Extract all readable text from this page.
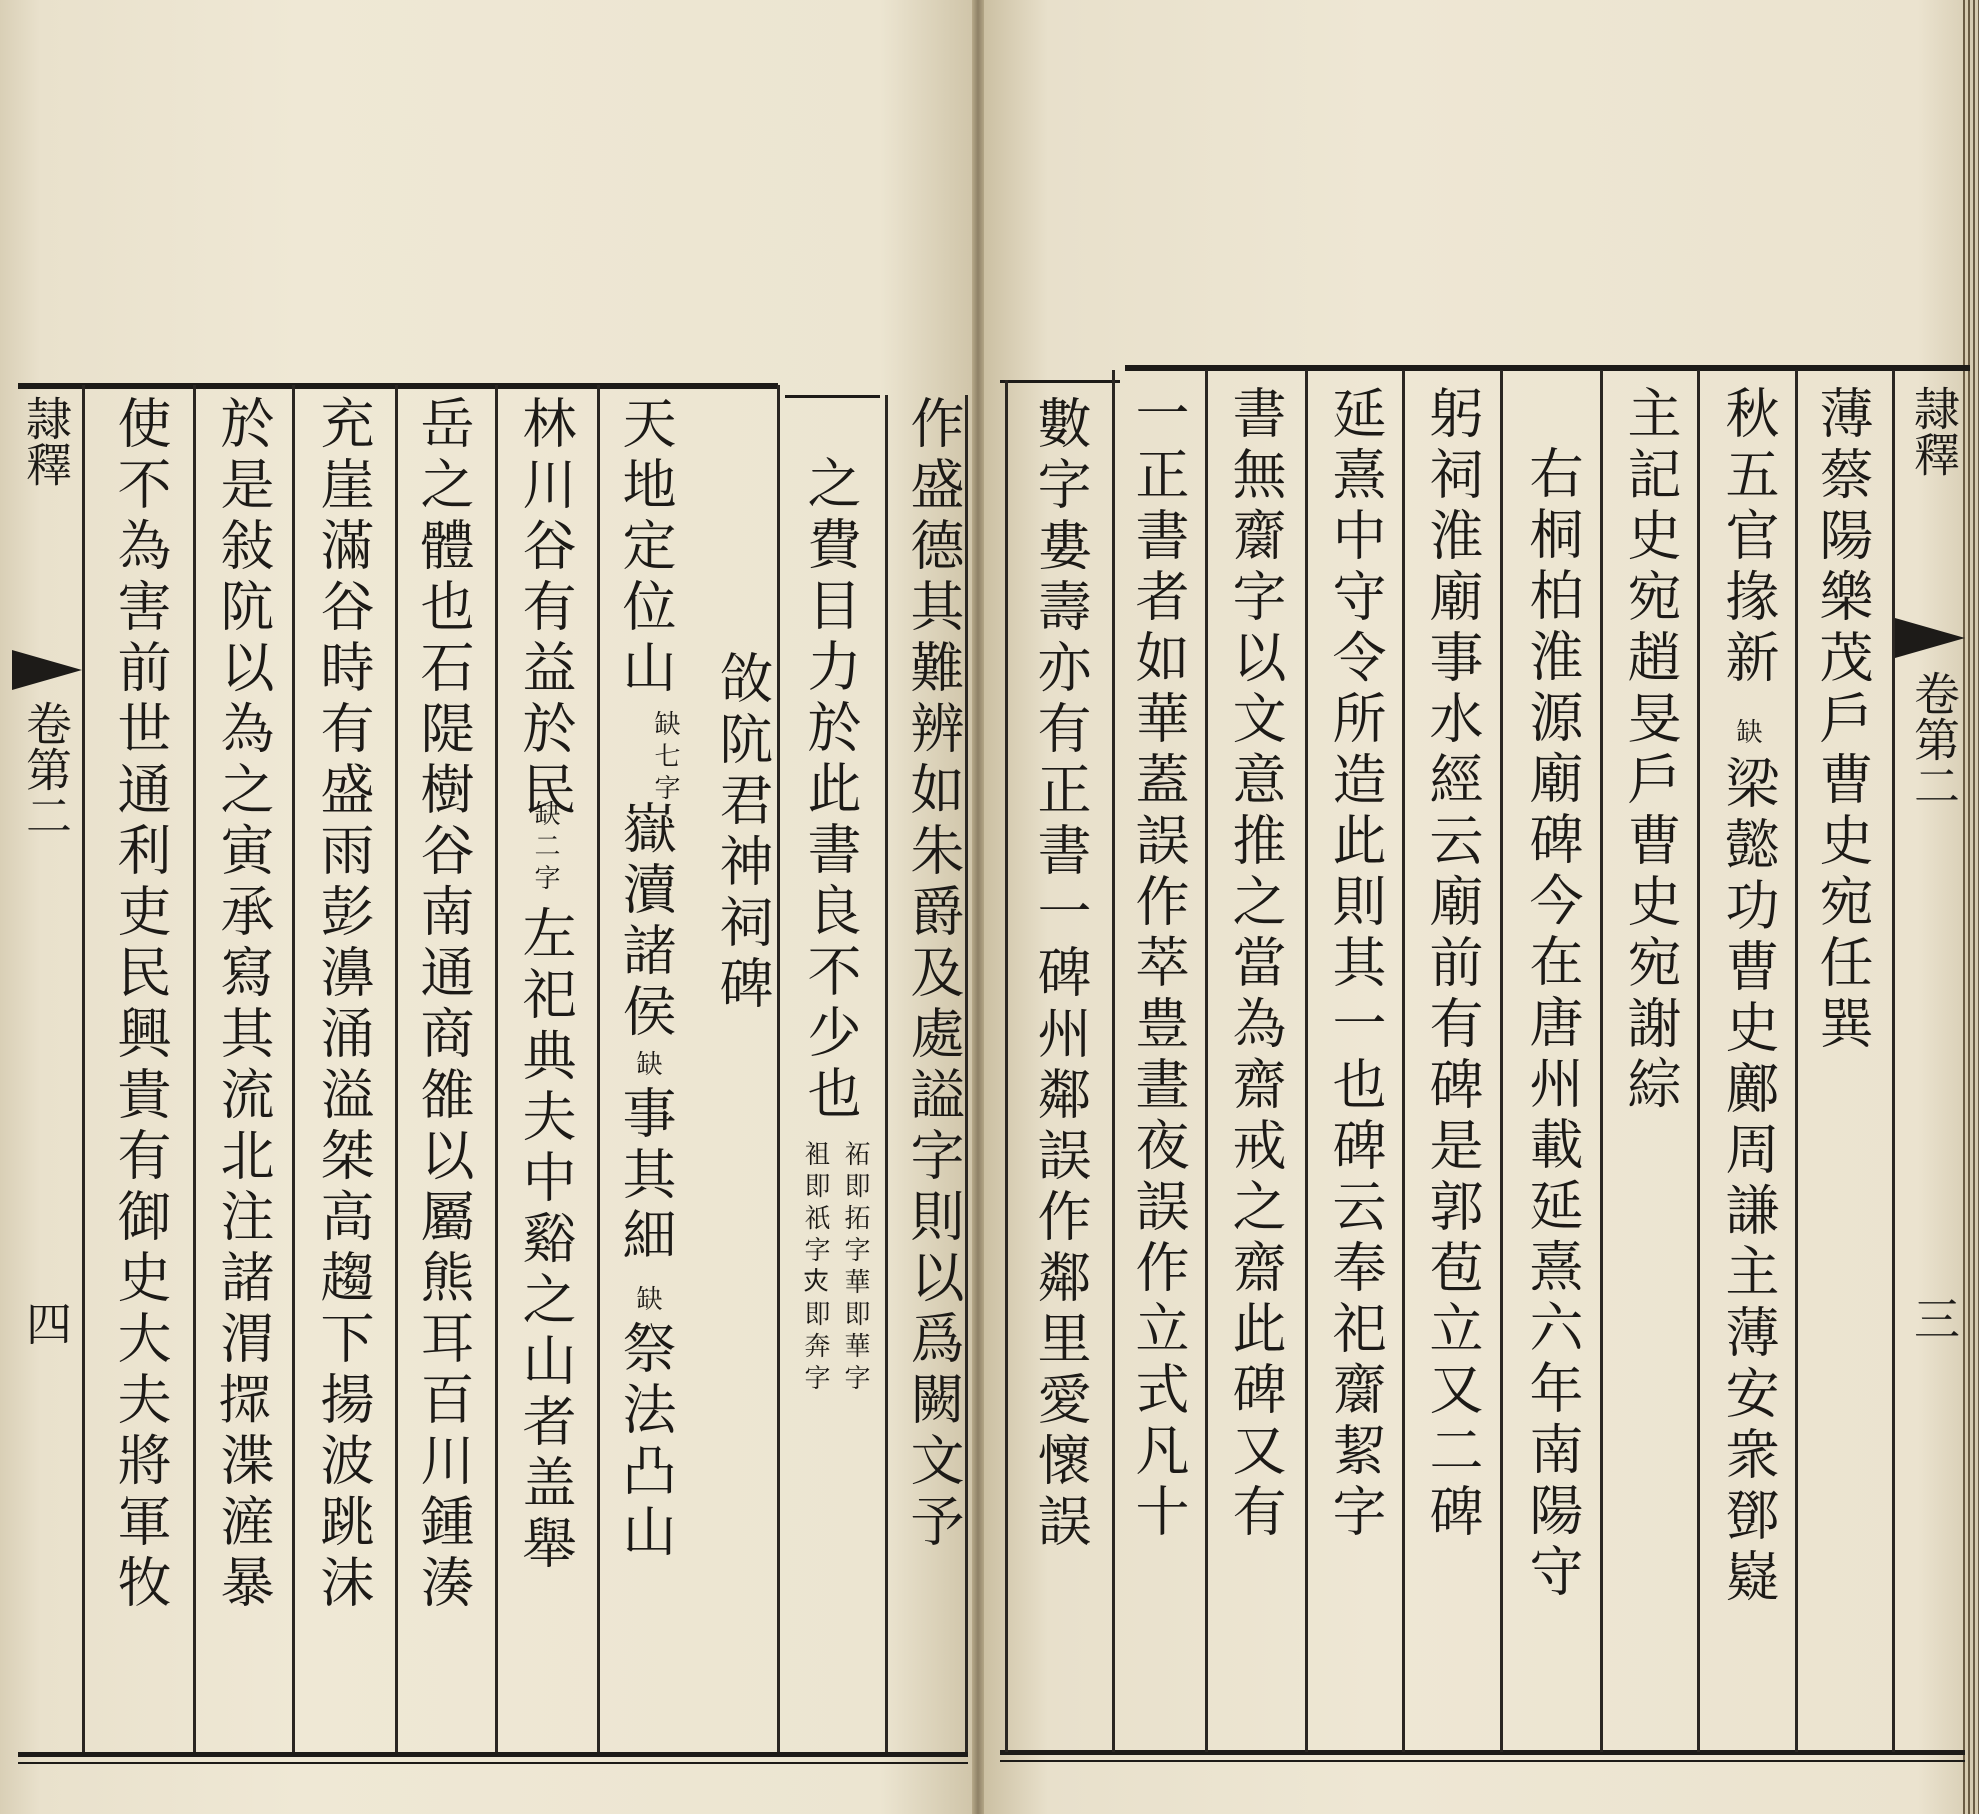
隷釋
卷第二
三
薄蔡陽樂茂戶曹史宛任巽
秋五官掾新
缺
梁懿功曹史鄺周謙主薄安衆鄧嶷
主記史宛趙旻戶曹史宛謝綜
右桐柏淮源廟碑今在唐州載延熹六年南陽守
躬祠淮廟事水經云廟前有碑是郭苞立又二碑
延熹中守令所造此則其一也碑云奉祀𪗋絜字
書無𪗋字以文意推之當為齋戒之齋此碑又有
一正書者如華蓋誤作萃豊晝夜誤作立式凡十
數字婁壽亦有正書一碑州鄰誤作鄰里愛懷誤
隷釋
卷第二
四	作盛德其難辨如朱爵及處謚字則以爲闕文予
之費目力於此書良不少也
祏即拓字華即華字
袓即祇字𡗜即奔字
㪉阬君神祠碑
天地定位山
缺七字
嶽瀆諸侯
缺
事其細
缺
祭法凸山
林川谷有益於民
缺二字
左祀典夫中谿之山者盖舉
岳之體也石隄樹谷南通商雒以屬熊耳百川鍾湊
充崖滿谷時有盛雨彭濞涌溢桀高趨下揚波跳沫
於是敍阬以為之寅承寫其流北注諸渭𢶢渫滻暴
使不為害前世通利吏民興貴有御史大夫將軍牧
